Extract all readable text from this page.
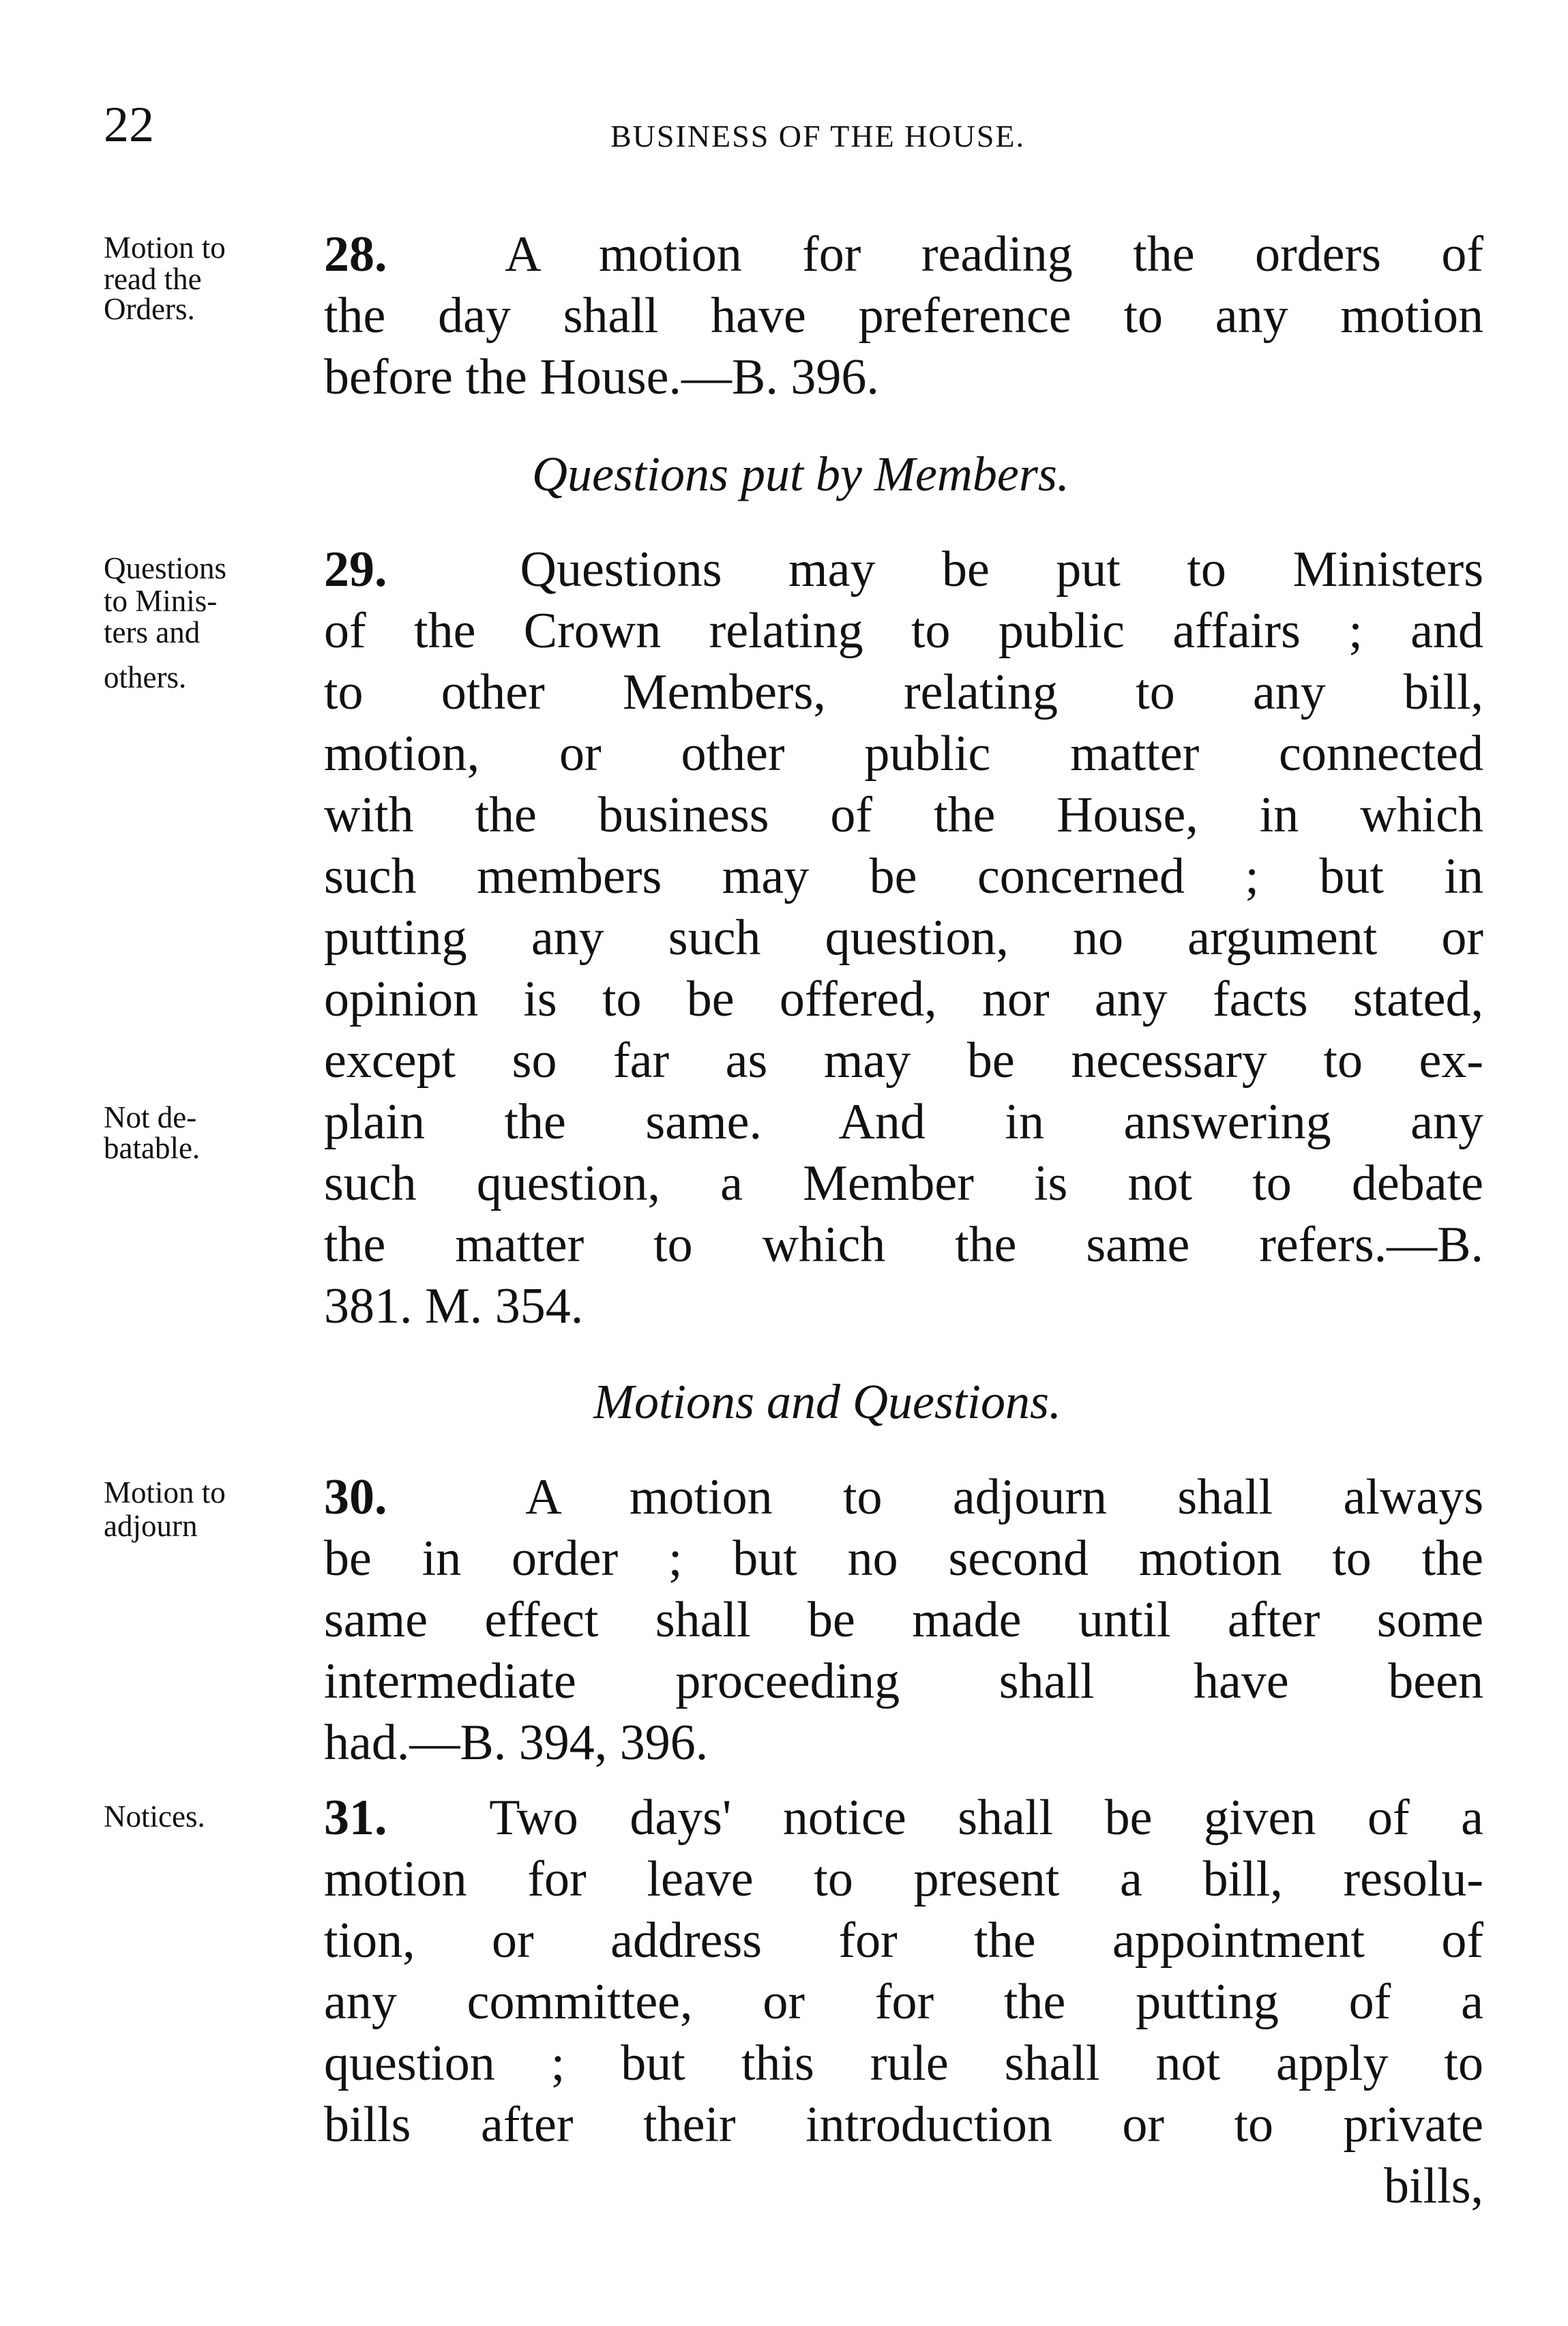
22	BUSINESS OF THE HOUSE.
Motion to
read the
Orders.
28. A motion for reading the orders of
the day shall have preference to any motion
before the House.—B. 396.
Questions put by Members.
Questions
to Minis-
ters and
others.
29.	Questions may be put to Ministers
of the Crown relating to public affairs ; and
to other Members, relating to any bill,
motion, or other public matter connected
with the business of the House, in which
such members may be concerned ; but in
putting any such question, no argument or
opinion is to be offered, nor any facts stated,
except so far as may be necessary to ex-
plain the same. And in answering any
such question, a Member is not to debate
the matter to which the same refers.—B.
381. M. 354.
Not de-
batable.
Motions and Questions.
Motion to
adjourn
30.	A motion to adjourn shall always
be in order ; but no second motion to the
same effect shall be made until after some
intermediate proceeding shall have been
had.—B. 394, 396.
Notices. 31. Two days' notice shall be given of a
motion for leave to present a bill, resolu-
tion, or address for the appointment of
any committee, or for the putting of a
question ; but this rule shall not apply to
bills after their introduction or to private
bills,
